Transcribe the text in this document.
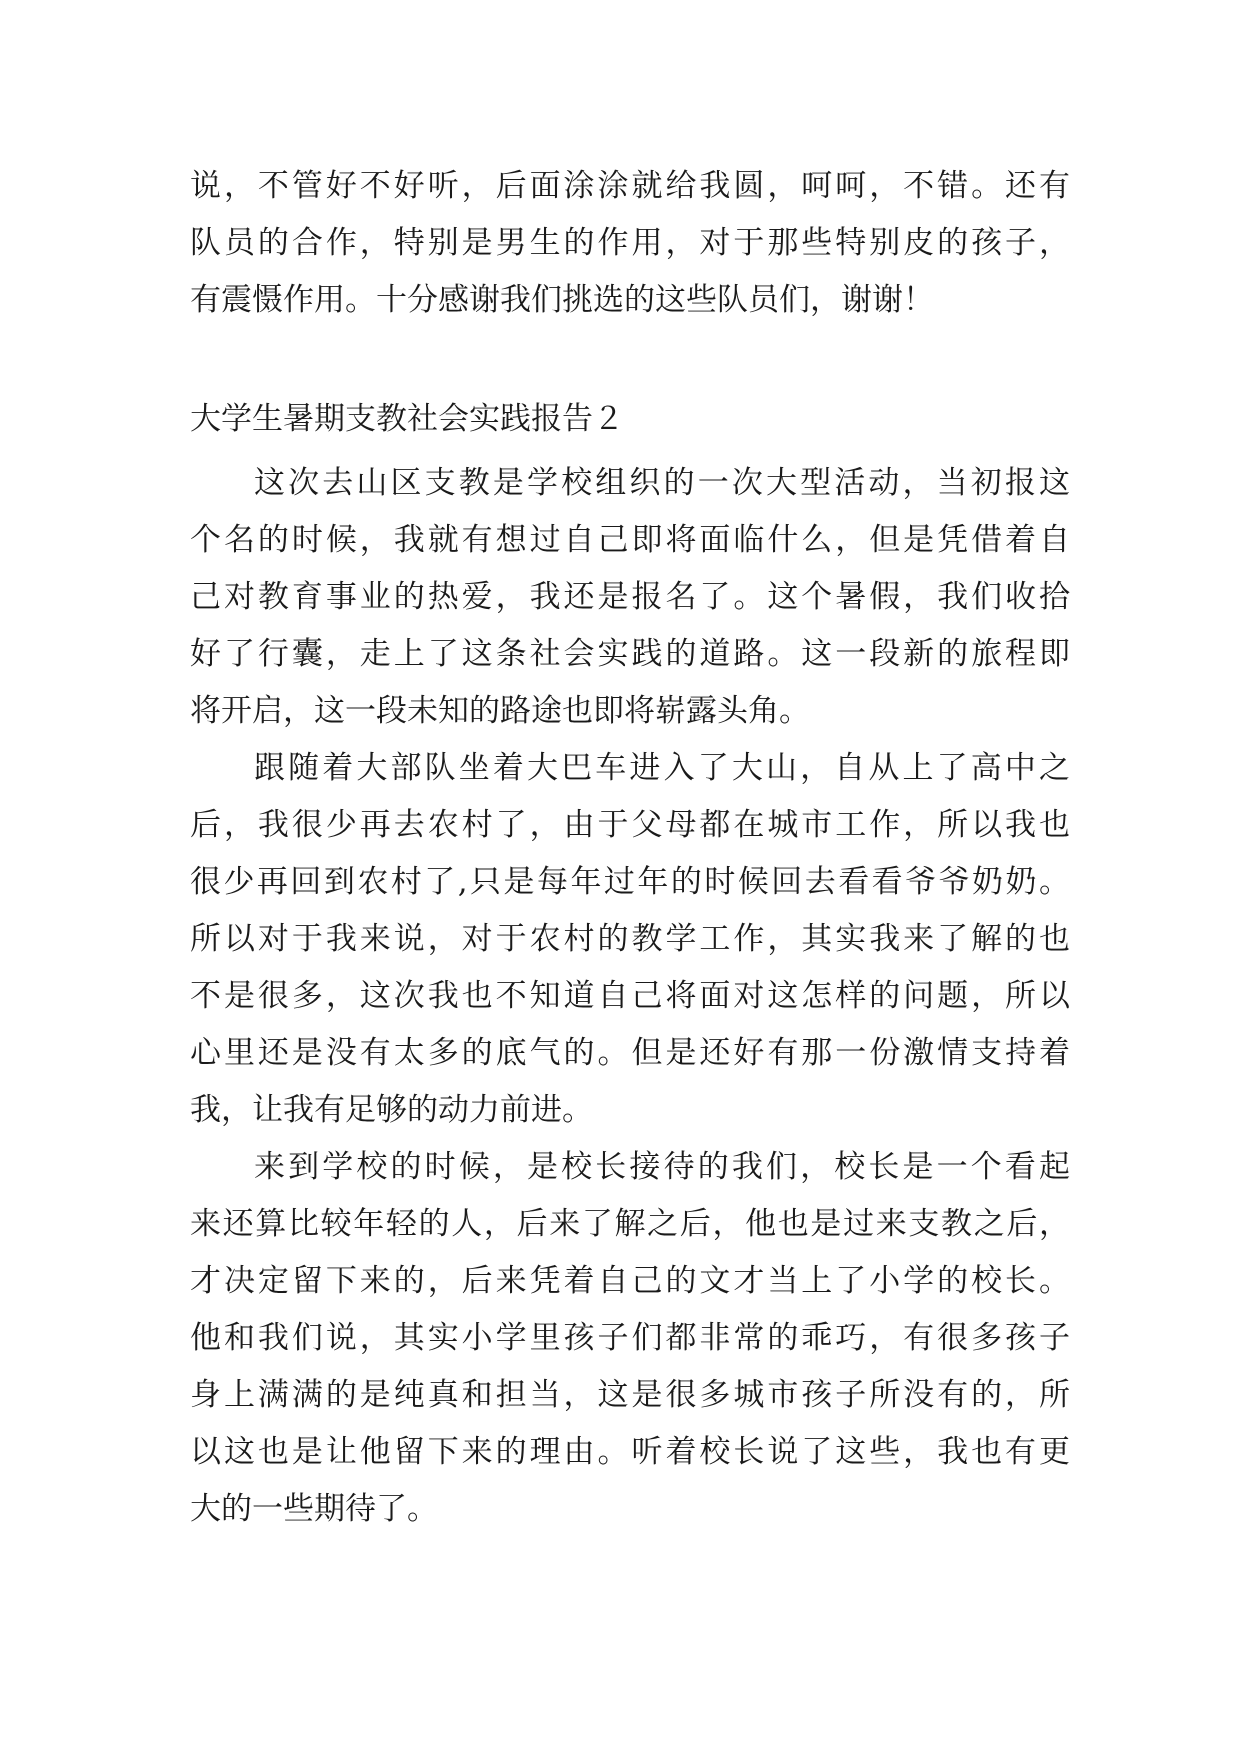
说，不管好不好听，后面涂涂就给我圆，呵呵，不错。还有
队员的合作，特别是男生的作用，对于那些特别皮的孩子，
有震慑作用。十分感谢我们挑选的这些队员们，谢谢！
大学生暑期支教社会实践报告２
这次去山区支教是学校组织的一次大型活动，当初报这
个名的时候，我就有想过自己即将面临什么，但是凭借着自
己对教育事业的热爱，我还是报名了。这个暑假，我们收拾
好了行囊，走上了这条社会实践的道路。这一段新的旅程即
将开启，这一段未知的路途也即将崭露头角。
跟随着大部队坐着大巴车进入了大山，自从上了高中之
后，我很少再去农村了，由于父母都在城市工作，所以我也
很少再回到农村了,只是每年过年的时候回去看看爷爷奶奶。
所以对于我来说，对于农村的教学工作，其实我来了解的也
不是很多，这次我也不知道自己将面对这怎样的问题，所以
心里还是没有太多的底气的。但是还好有那一份激情支持着
我，让我有足够的动力前进。
来到学校的时候，是校长接待的我们，校长是一个看起
来还算比较年轻的人，后来了解之后，他也是过来支教之后，
才决定留下来的，后来凭着自己的文才当上了小学的校长。
他和我们说，其实小学里孩子们都非常的乖巧，有很多孩子
身上满满的是纯真和担当，这是很多城市孩子所没有的，所
以这也是让他留下来的理由。听着校长说了这些，我也有更
大的一些期待了。
